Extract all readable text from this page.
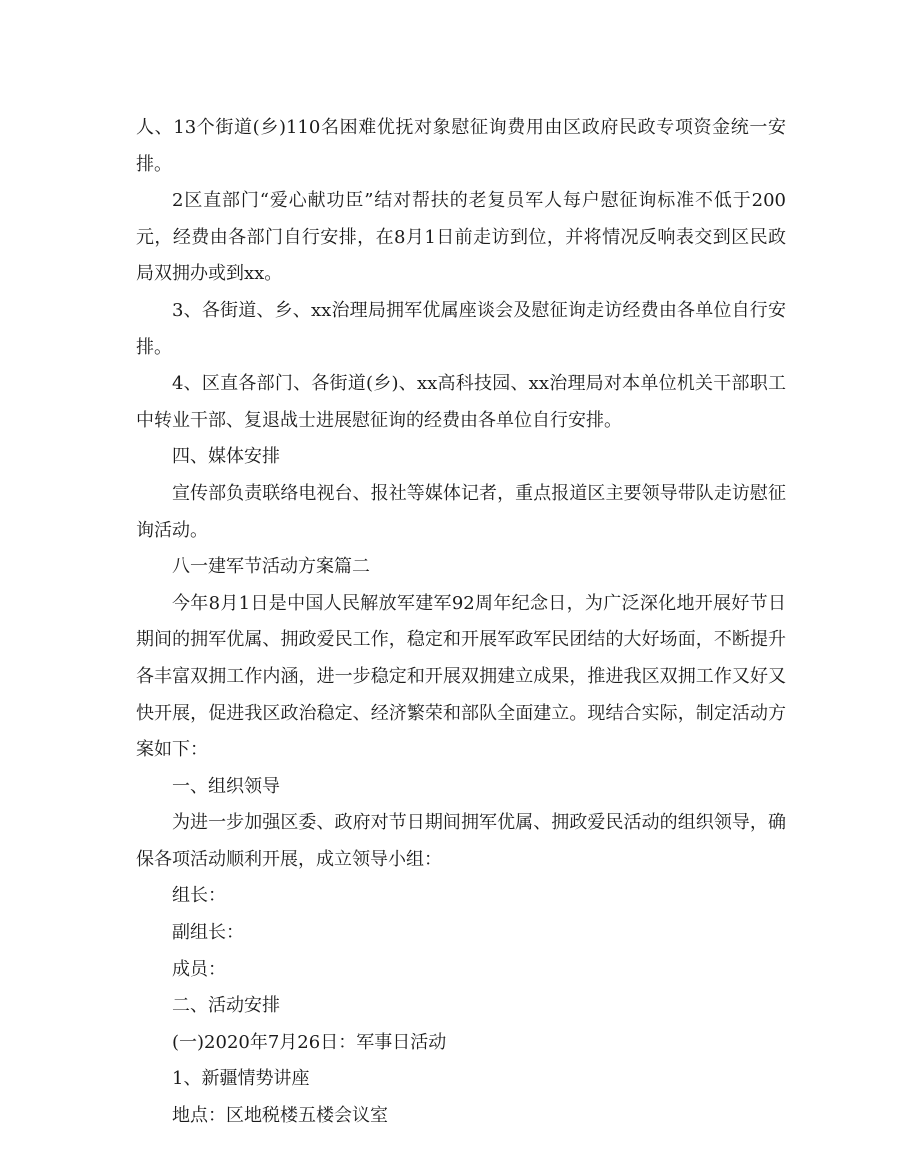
人、13个街道(乡)110名困难优抚对象慰征询费用由区政府民政专项资金统一安排。

2区直部门“爱心献功臣”结对帮扶的老复员军人每户慰征询标准不低于200元，经费由各部门自行安排，在8月1日前走访到位，并将情况反响表交到区民政局双拥办或到xx。

3、各街道、乡、xx治理局拥军优属座谈会及慰征询走访经费由各单位自行安排。

4、区直各部门、各街道(乡)、xx高科技园、xx治理局对本单位机关干部职工中转业干部、复退战士进展慰征询的经费由各单位自行安排。

四、媒体安排

宣传部负责联络电视台、报社等媒体记者，重点报道区主要领导带队走访慰征询活动。

八一建军节活动方案篇二

今年8月1日是中国人民解放军建军92周年纪念日，为广泛深化地开展好节日期间的拥军优属、拥政爱民工作，稳定和开展军政军民团结的大好场面，不断提升各丰富双拥工作内涵，进一步稳定和开展双拥建立成果，推进我区双拥工作又好又快开展，促进我区政治稳定、经济繁荣和部队全面建立。现结合实际，制定活动方案如下：

一、组织领导

为进一步加强区委、政府对节日期间拥军优属、拥政爱民活动的组织领导，确保各项活动顺利开展，成立领导小组：

组长：

副组长：

成员：

二、活动安排

(一)2020年7月26日：军事日活动

1、新疆情势讲座

地点：区地税楼五楼会议室
